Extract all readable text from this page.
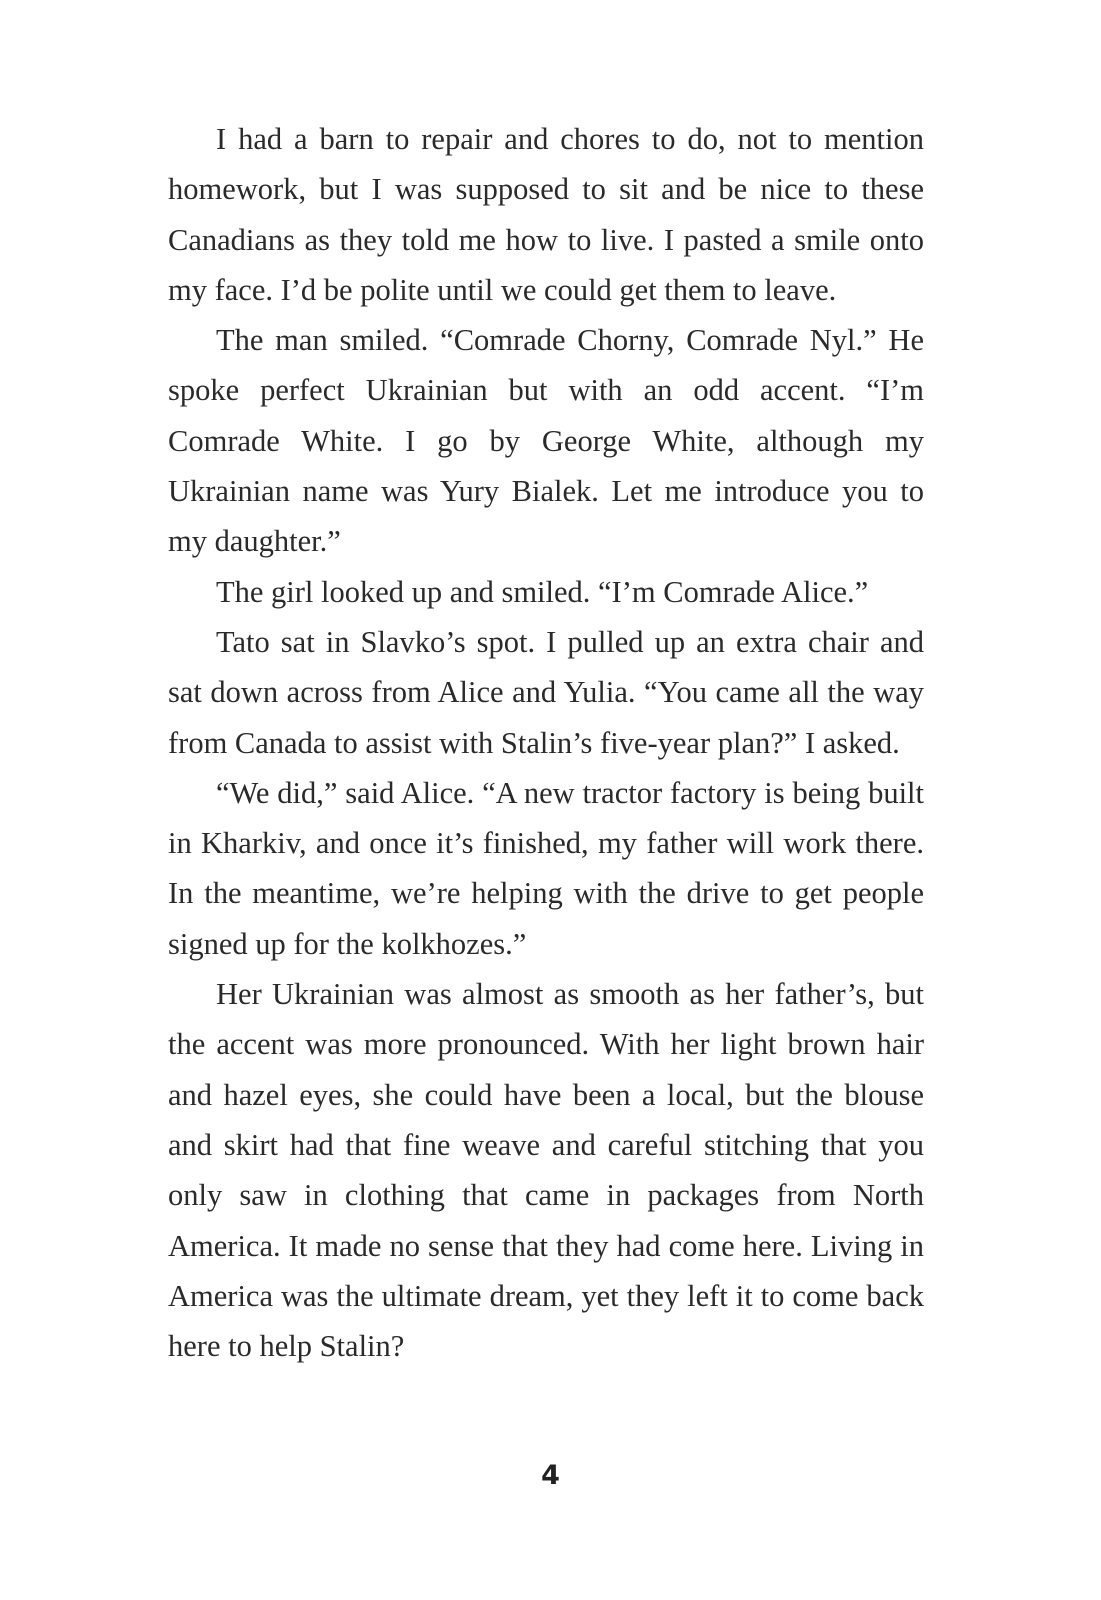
I had a barn to repair and chores to do, not to mention homework, but I was supposed to sit and be nice to these Canadians as they told me how to live. I pasted a smile onto my face. I’d be polite until we could get them to leave.

The man smiled. “Comrade Chorny, Comrade Nyl.” He spoke perfect Ukrainian but with an odd accent. “I’m Comrade White. I go by George White, although my Ukrainian name was Yury Bialek. Let me introduce you to my daughter.”

The girl looked up and smiled. “I’m Comrade Alice.”

Tato sat in Slavko’s spot. I pulled up an extra chair and sat down across from Alice and Yulia. “You came all the way from Canada to assist with Stalin’s five-year plan?” I asked.

“We did,” said Alice. “A new tractor factory is being built in Kharkiv, and once it’s finished, my father will work there. In the meantime, we’re helping with the drive to get people signed up for the kolkhozes.”

Her Ukrainian was almost as smooth as her father’s, but the accent was more pronounced. With her light brown hair and hazel eyes, she could have been a local, but the blouse and skirt had that fine weave and careful stitching that you only saw in clothing that came in packages from North America. It made no sense that they had come here. Living in America was the ultimate dream, yet they left it to come back here to help Stalin?

4
